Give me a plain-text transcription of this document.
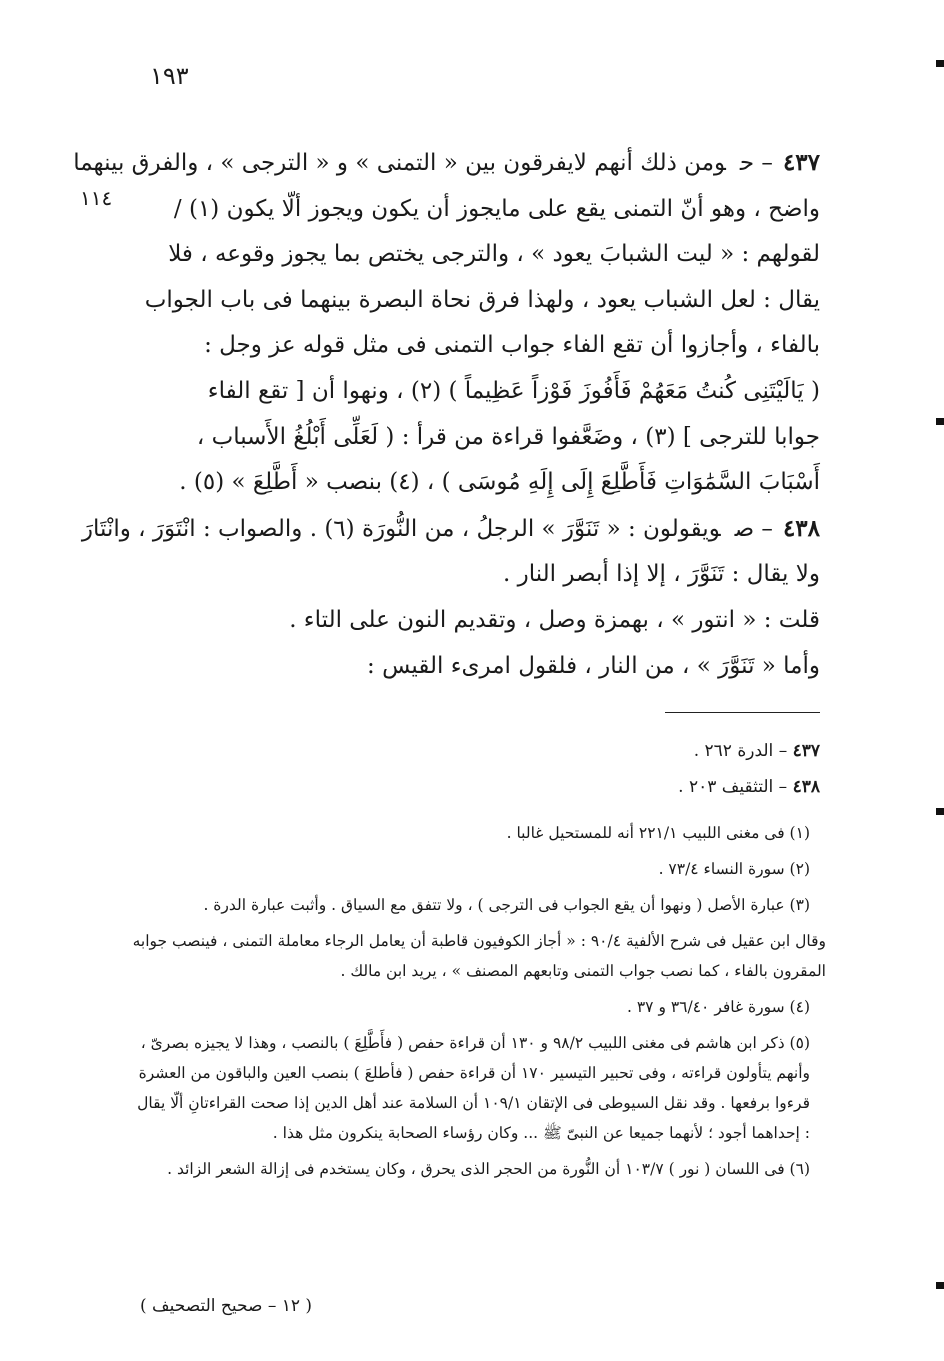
١٩٣
١١٤
٤٣٧– حومن ذلك أنهم لايفرقون بين « التمنى » و « الترجى » ، والفرق بينهما
واضح ، وهو أنّ التمنى يقع على مايجوز أن يكون ويجوز ألّا يكون (١) /
لقولهم : « ليت الشبابَ يعود » ، والترجى يختص بما يجوز وقوعه ، فلا
يقال : لعل الشباب يعود ، ولهذا فرق نحاة البصرة بينهما فى باب الجواب
بالفاء ، وأجازوا أن تقع الفاء جواب التمنى فى مثل قوله عز وجل :
( يَالَيْتَنِى كُنتُ مَعَهُمْ فَأَفُوزَ فَوْزاً عَظِيماً ) (٢) ، ونهوا أن [ تقع الفاء
جوابا للترجى ] (٣) ، وضَعَّفوا قراءة من قرأ : ( لَعَلِّى أَبْلُغُ الأَسباب ،
أَسْبَابَ السَّمَٰوَاتِ فَأَطَّلِعَ إِلَى إِلَهِ مُوسَى ) ، (٤) بنصب « أَطَّلِعَ » (٥) .
٤٣٨– صويقولون : « تَنَوَّرَ » الرجلُ ، من النُّورَة (٦) . والصواب : انْتَوَرَ ، وانْتَارَ
ولا يقال : تَنَوَّرَ ، إلا إذا أبصر النار .
قلت : « انتور » ، بهمزة وصل ، وتقديم النون على التاء .
وأما « تَنَوَّرَ » ، من النار ، فلقول امرىء القيس :
٤٣٧ – الدرة ٢٦٢ .
٤٣٨ – التثقيف ٢٠٣ .

(١) فى مغنى اللبيب ٢٢١/١ أنه للمستحيل غالبا .

(٢) سورة النساء ٧٣/٤ .

(٣) عبارة الأصل ( ونهوا أن يقع الجواب فى الترجى ) ، ولا تتفق مع السياق . وأثبت عبارة الدرة .

وقال ابن عقيل فى شرح الألفية ٩٠/٤ : « أجاز الكوفيون قاطبة أن يعامل الرجاء معاملة التمنى ، فينصب جوابه المقرون بالفاء ، كما نصب جواب التمنى وتابعهم المصنف » ، يريد ابن مالك .

(٤) سورة غافر ٣٦/٤٠ و ٣٧ .

(٥) ذكر ابن هاشم فى مغنى اللبيب ٩٨/٢ و ١٣٠ أن قراءة حفص ( فأَطَّلِعَ ) بالنصب ، وهذا لا يجيزه بصرىّ ، وأنهم يتأولون قراءته ، وفى تحبير التيسير ١٧٠ أن قراءة حفص ( فأطلعَ ) بنصب العين والباقون من العشرة قرءوا برفعها . وقد نقل السيوطى فى الإتقان ١٠٩/١ أن السلامة عند أهل الدين إذا صحت القراءتانِ ألّا يقال : إحداهما أجود ؛ لأنهما جميعا عن النبىّ ﷺ ... وكان رؤساء الصحابة ينكرون مثل هذا .

(٦) فى اللسان ( نور ) ١٠٣/٧ أن النُّورة من الحجر الذى يحرق ، وكان يستخدم فى إزالة الشعر الزائد .

( ١٢ – صحيح التصحيف )
